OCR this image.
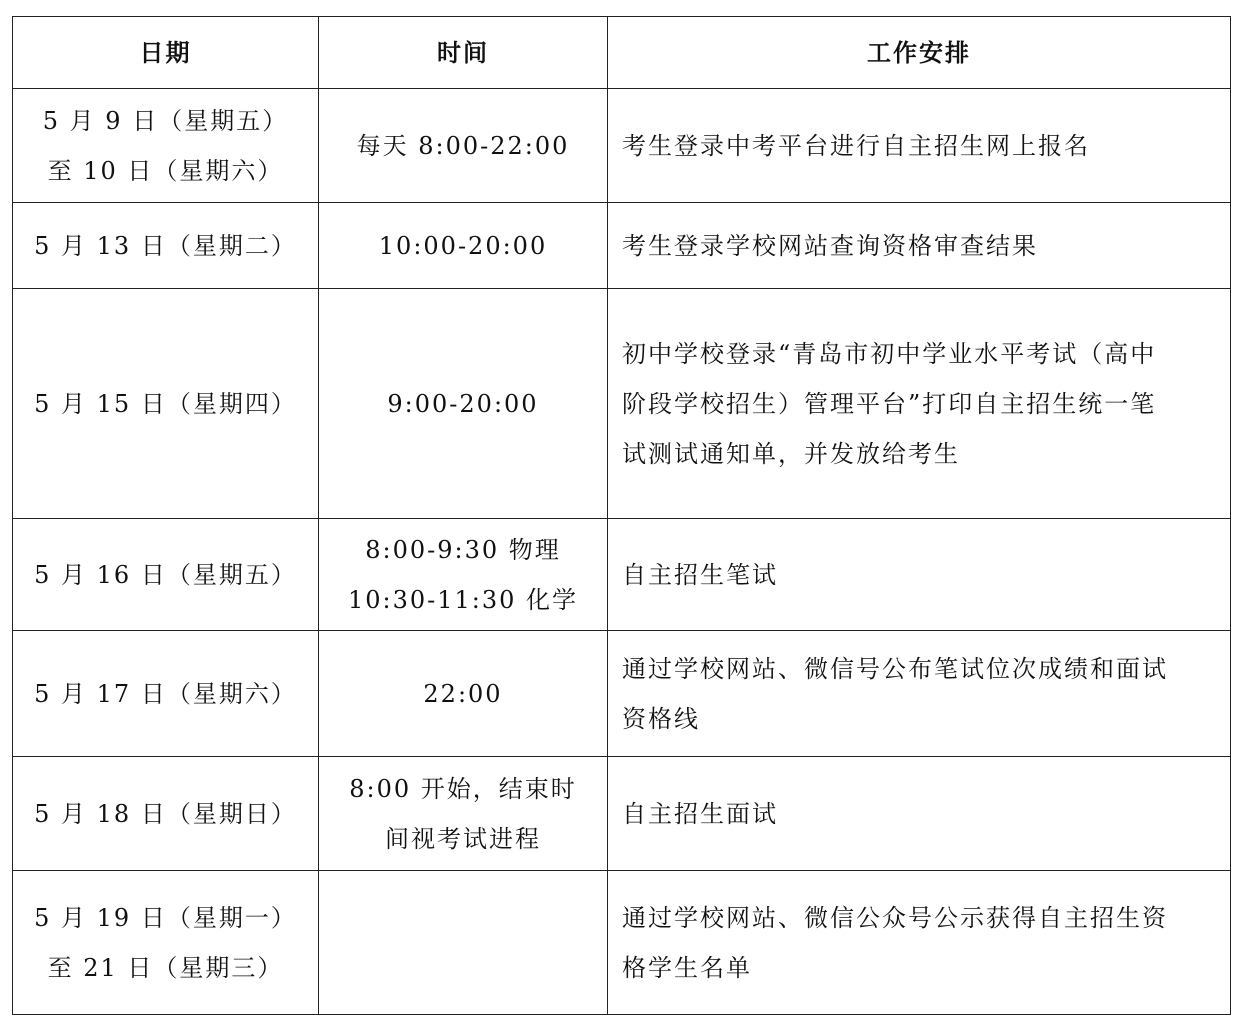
日期	时间	工作安排

5 月 9 日（星期五）
至 10 日（星期六）	每天 8:00-22:00	考生登录中考平台进行自主招生网上报名

5 月 13 日（星期二）	10:00-20:00	考生登录学校网站查询资格审查结果

5 月 15 日（星期四）	9:00-20:00	初中学校登录“青岛市初中学业水平考试（高中
阶段学校招生）管理平台”打印自主招生统一笔
试测试通知单，并发放给考生

5 月 16 日（星期五）	8:00-9:30 物理
10:30-11:30 化学	自主招生笔试

5 月 17 日（星期六）	22:00	通过学校网站、微信号公布笔试位次成绩和面试
资格线

5 月 18 日（星期日）	8:00 开始，结束时
间视考试进程	自主招生面试

5 月 19 日（星期一）
至 21 日（星期三）		通过学校网站、微信公众号公示获得自主招生资
格学生名单
